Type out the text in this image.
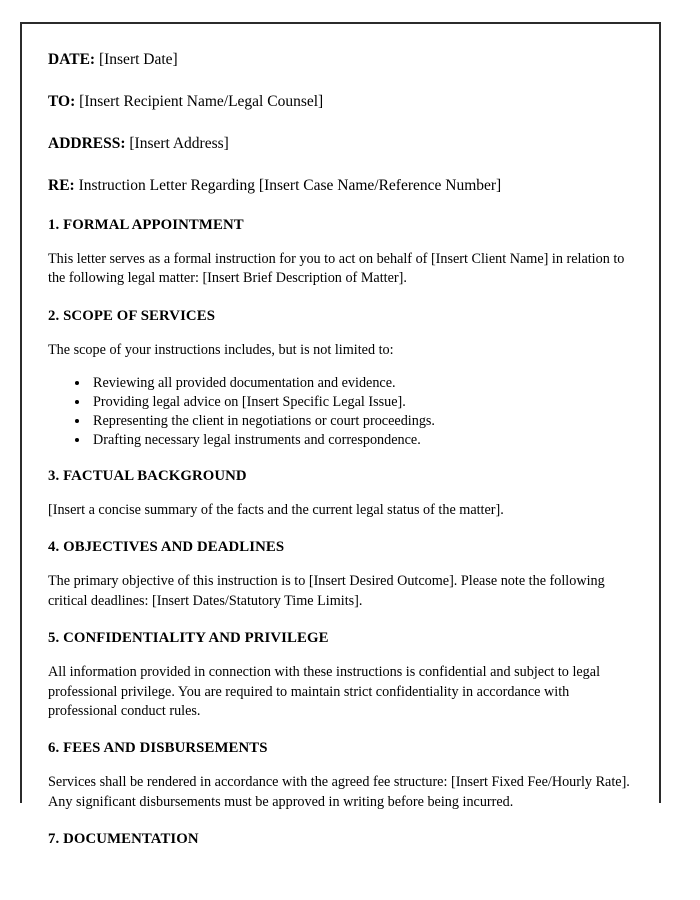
DATE: [Insert Date]

TO: [Insert Recipient Name/Legal Counsel]

ADDRESS: [Insert Address]

RE: Instruction Letter Regarding [Insert Case Name/Reference Number]

1. FORMAL APPOINTMENT

This letter serves as a formal instruction for you to act on behalf of [Insert Client Name] in relation to the following legal matter: [Insert Brief Description of Matter].

2. SCOPE OF SERVICES

The scope of your instructions includes, but is not limited to:

• Reviewing all provided documentation and evidence.
• Providing legal advice on [Insert Specific Legal Issue].
• Representing the client in negotiations or court proceedings.
• Drafting necessary legal instruments and correspondence.
3. FACTUAL BACKGROUND

[Insert a concise summary of the facts and the current legal status of the matter].

4. OBJECTIVES AND DEADLINES

The primary objective of this instruction is to [Insert Desired Outcome]. Please note the following critical deadlines: [Insert Dates/Statutory Time Limits].

5. CONFIDENTIALITY AND PRIVILEGE

All information provided in connection with these instructions is confidential and subject to legal professional privilege. You are required to maintain strict confidentiality in accordance with professional conduct rules.

6. FEES AND DISBURSEMENTS

Services shall be rendered in accordance with the agreed fee structure: [Insert Fixed Fee/Hourly Rate]. Any significant disbursements must be approved in writing before being incurred.

7. DOCUMENTATION
